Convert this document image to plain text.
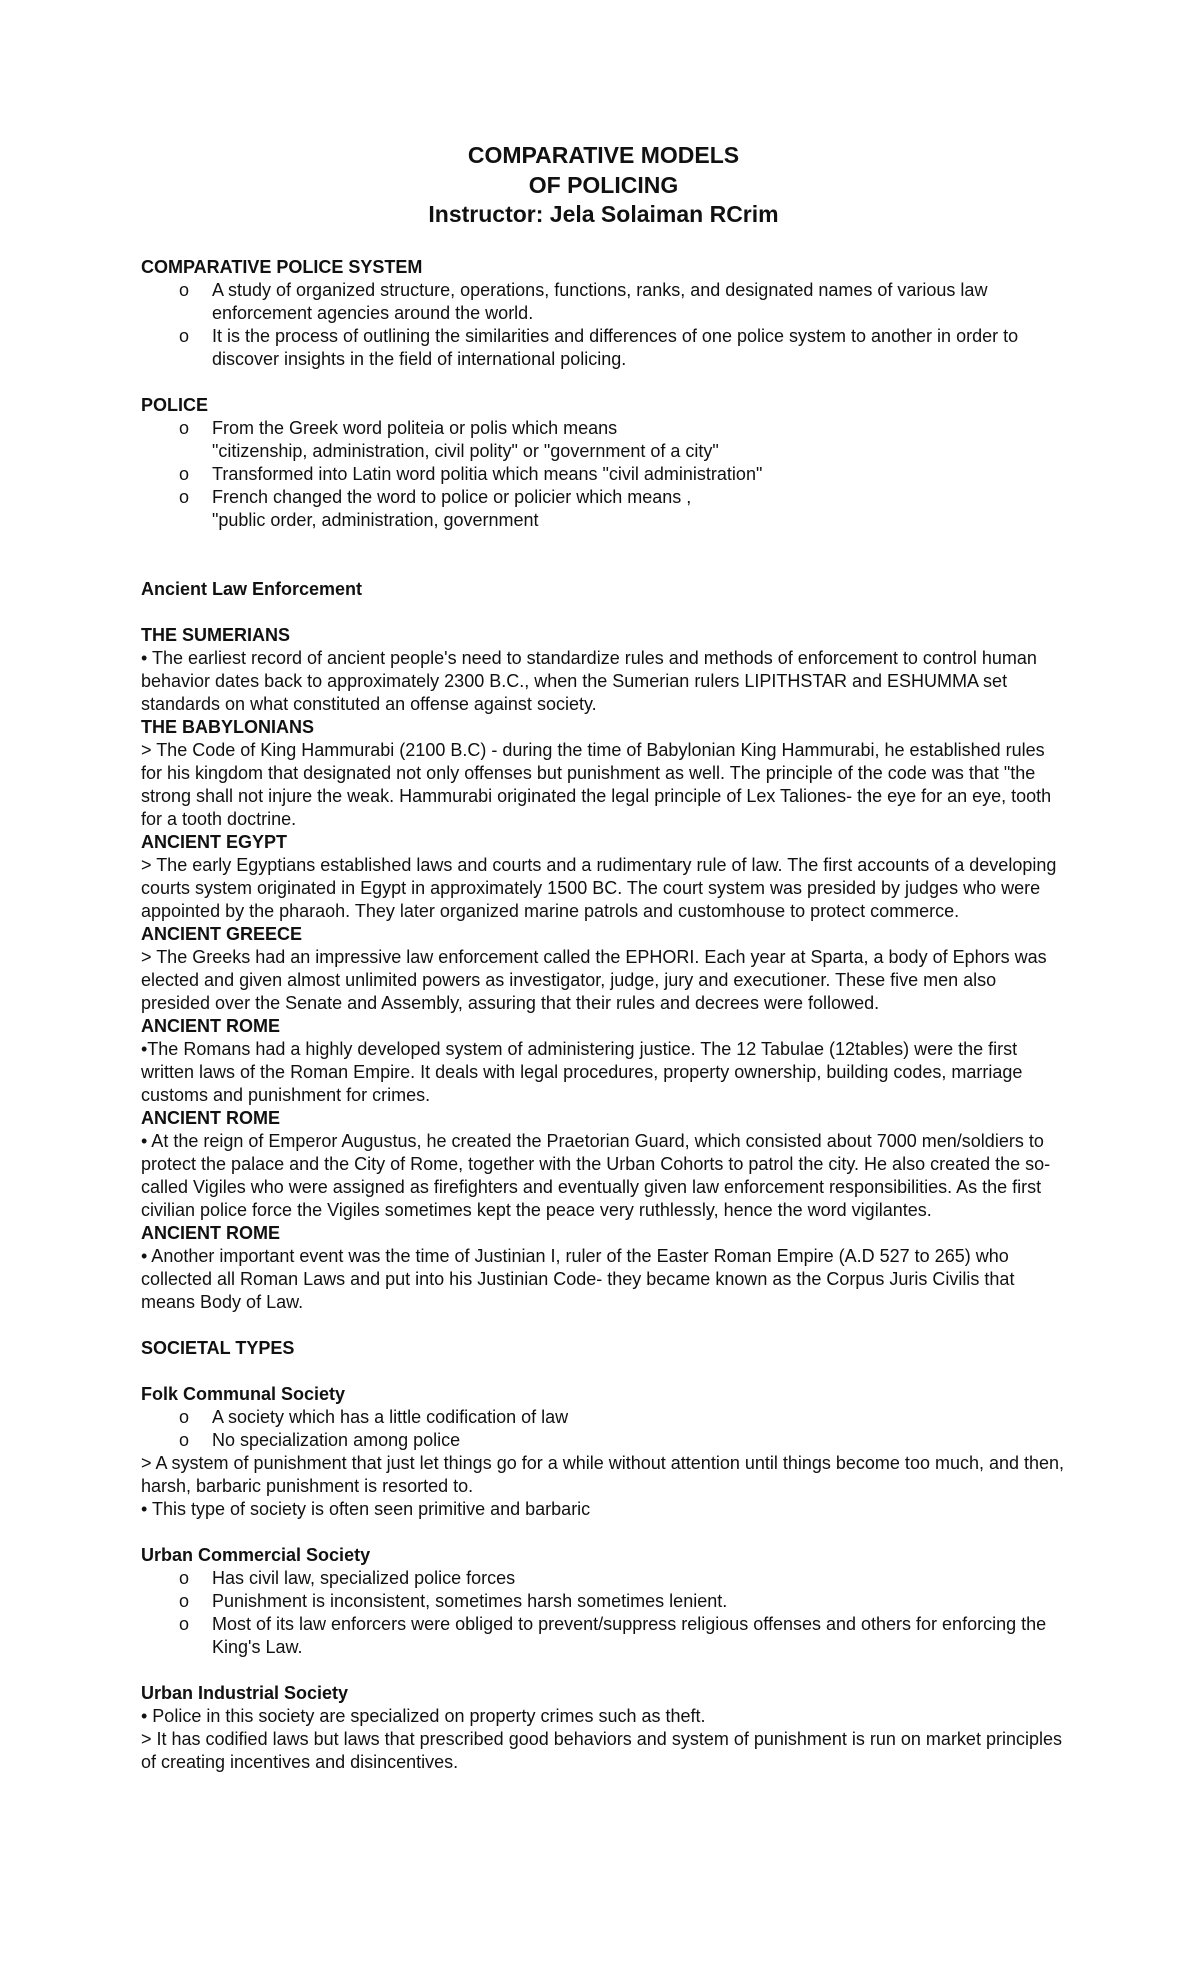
COMPARATIVE MODELS

OF POLICING

Instructor: Jela Solaiman RCrim

COMPARATIVE POLICE SYSTEM

o A study of organized structure, operations, functions, ranks, and designated names of various law enforcement agencies around the world.
o It is the process of outlining the similarities and differences of one police system to another in order to discover insights in the field of international policing.

POLICE

o From the Greek word politeia or polis which means
"citizenship, administration, civil polity" or "government of a city"
o Transformed into Latin word politia which means "civil administration"
o French changed the word to police or policier which means ,
"public order, administration, government

Ancient Law Enforcement

THE SUMERIANS

• The earliest record of ancient people's need to standardize rules and methods of enforcement to control human behavior dates back to approximately 2300 B.C., when the Sumerian rulers LIPITHSTAR and ESHUMMA set standards on what constituted an offense against society.

THE BABYLONIANS

> The Code of King Hammurabi (2100 B.C) - during the time of Babylonian King Hammurabi, he established rules for his kingdom that designated not only offenses but punishment as well. The principle of the code was that "the strong shall not injure the weak. Hammurabi originated the legal principle of Lex Taliones- the eye for an eye, tooth for a tooth doctrine.

ANCIENT EGYPT

> The early Egyptians established laws and courts and a rudimentary rule of law. The first accounts of a developing courts system originated in Egypt in approximately 1500 BC. The court system was presided by judges who were appointed by the pharaoh. They later organized marine patrols and customhouse to protect commerce.

ANCIENT GREECE

> The Greeks had an impressive law enforcement called the EPHORI. Each year at Sparta, a body of Ephors was elected and given almost unlimited powers as investigator, judge, jury and executioner. These five men also

presided over the Senate and Assembly, assuring that their rules and decrees were followed.

ANCIENT ROME

•The Romans had a highly developed system of administering justice. The 12 Tabulae (12tables) were the first written laws of the Roman Empire. It deals with legal procedures, property ownership, building codes, marriage customs and punishment for crimes.

ANCIENT ROME

• At the reign of Emperor Augustus, he created the Praetorian Guard, which consisted about 7000 men/soldiers to protect the palace and the City of Rome, together with the Urban Cohorts to patrol the city. He also created the so-called Vigiles who were assigned as firefighters and eventually given law enforcement responsibilities. As the first civilian police force the Vigiles sometimes kept the peace very ruthlessly, hence the word vigilantes.

ANCIENT ROME

• Another important event was the time of Justinian I, ruler of the Easter Roman Empire (A.D 527 to 265) who collected all Roman Laws and put into his Justinian Code- they became known as the Corpus Juris Civilis that means Body of Law.

SOCIETAL TYPES

Folk Communal Society

o A society which has a little codification of law
o No specialization among police

> A system of punishment that just let things go for a while without attention until things become too much, and then, harsh, barbaric punishment is resorted to.

• This type of society is often seen primitive and barbaric

Urban Commercial Society

o Has civil law, specialized police forces
o Punishment is inconsistent, sometimes harsh sometimes lenient.
o Most of its law enforcers were obliged to prevent/suppress religious offenses and others for enforcing the King's Law.

Urban Industrial Society

• Police in this society are specialized on property crimes such as theft.

> It has codified laws but laws that prescribed good behaviors and system of punishment is run on market principles of creating incentives and disincentives.
